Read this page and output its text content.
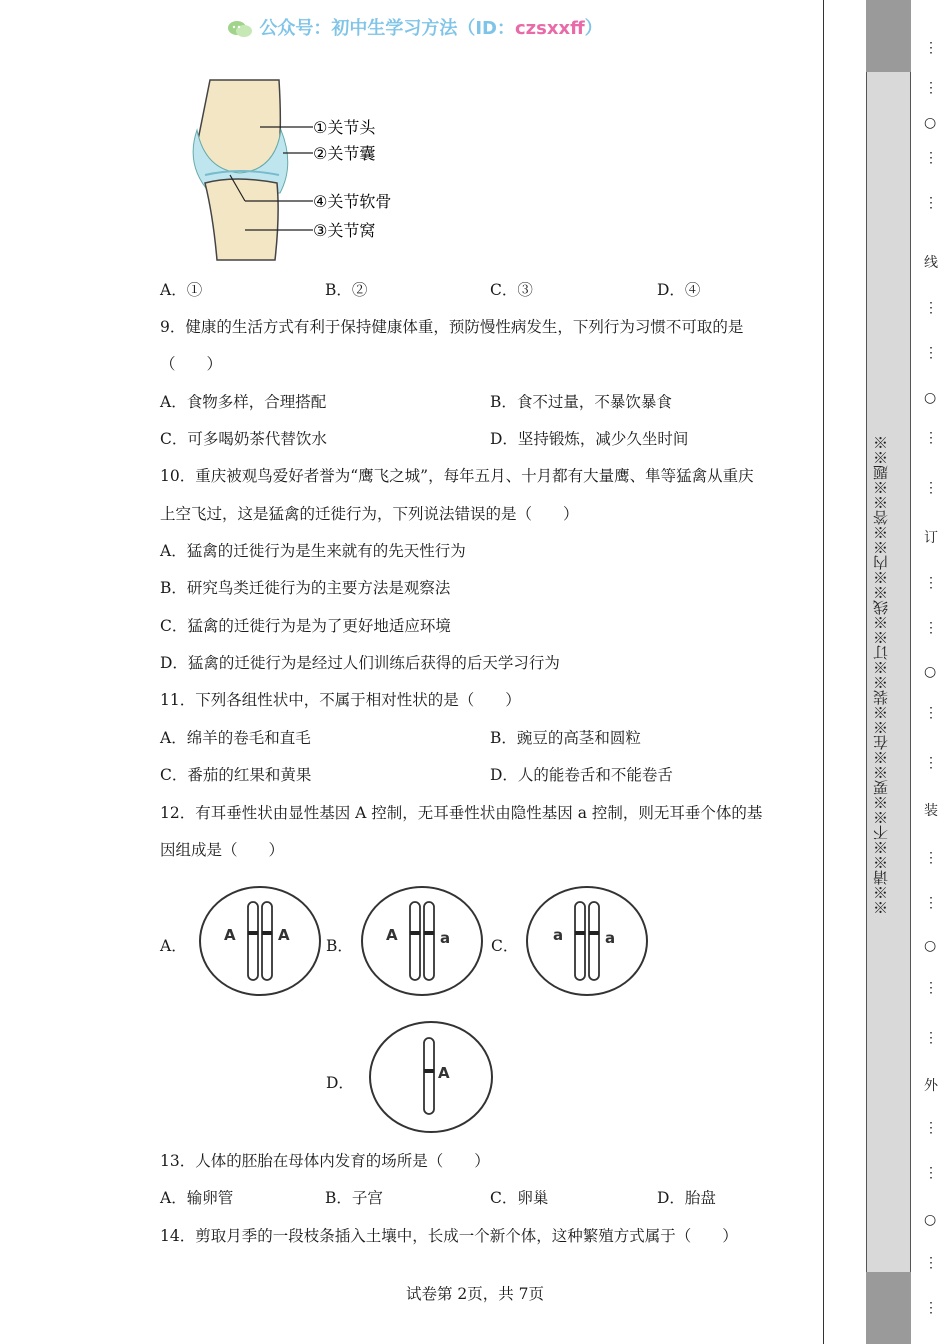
公众号：初中生学习方法（ID：czsxxff）
①关节头
②关节囊
④关节软骨
③关节窝
A．①	B．②	C．③	D．④
9．健康的生活方式有利于保持健康体重，预防慢性病发生，下列行为习惯不可取的是
（　　）
A．食物多样，合理搭配	B．食不过量，不暴饮暴食
C．可多喝奶茶代替饮水	D．坚持锻炼，减少久坐时间
10．重庆被观鸟爱好者誉为“鹰飞之城”，每年五月、十月都有大量鹰、隼等猛禽从重庆
上空飞过，这是猛禽的迁徙行为，下列说法错误的是（　　）
A．猛禽的迁徙行为是生来就有的先天性行为
B．研究鸟类迁徙行为的主要方法是观察法
C．猛禽的迁徙行为是为了更好地适应环境
D．猛禽的迁徙行为是经过人们训练后获得的后天学习行为
11．下列各组性状中，不属于相对性状的是（　　）
A．绵羊的卷毛和直毛	B．豌豆的高茎和圆粒
C．番茄的红果和黄果	D．人的能卷舌和不能卷舌
12．有耳垂性状由显性基因 A 控制，无耳垂性状由隐性基因 a 控制，则无耳垂个体的基
因组成是（　　）
13．人体的胚胎在母体内发育的场所是（　　）
A．输卵管	B．子宫	C．卵巢	D．胎盘
14．剪取月季的一段枝条插入土壤中，长成一个新个体，这种繁殖方式属于（　　）
A．	B．	C．
D．
A	A	A	a	a	a
A
试卷第 2页，共 7页
※※请※※不※※要※※在※※装※※订※※线※※内※※答※※题※※
⋮
⋮
○
⋮
⋮
线
⋮
⋮
○
⋮
⋮
订
⋮
⋮
○
⋮
⋮
装
⋮
⋮
○
⋮
⋮
外
⋮
⋮
○
⋮
⋮
